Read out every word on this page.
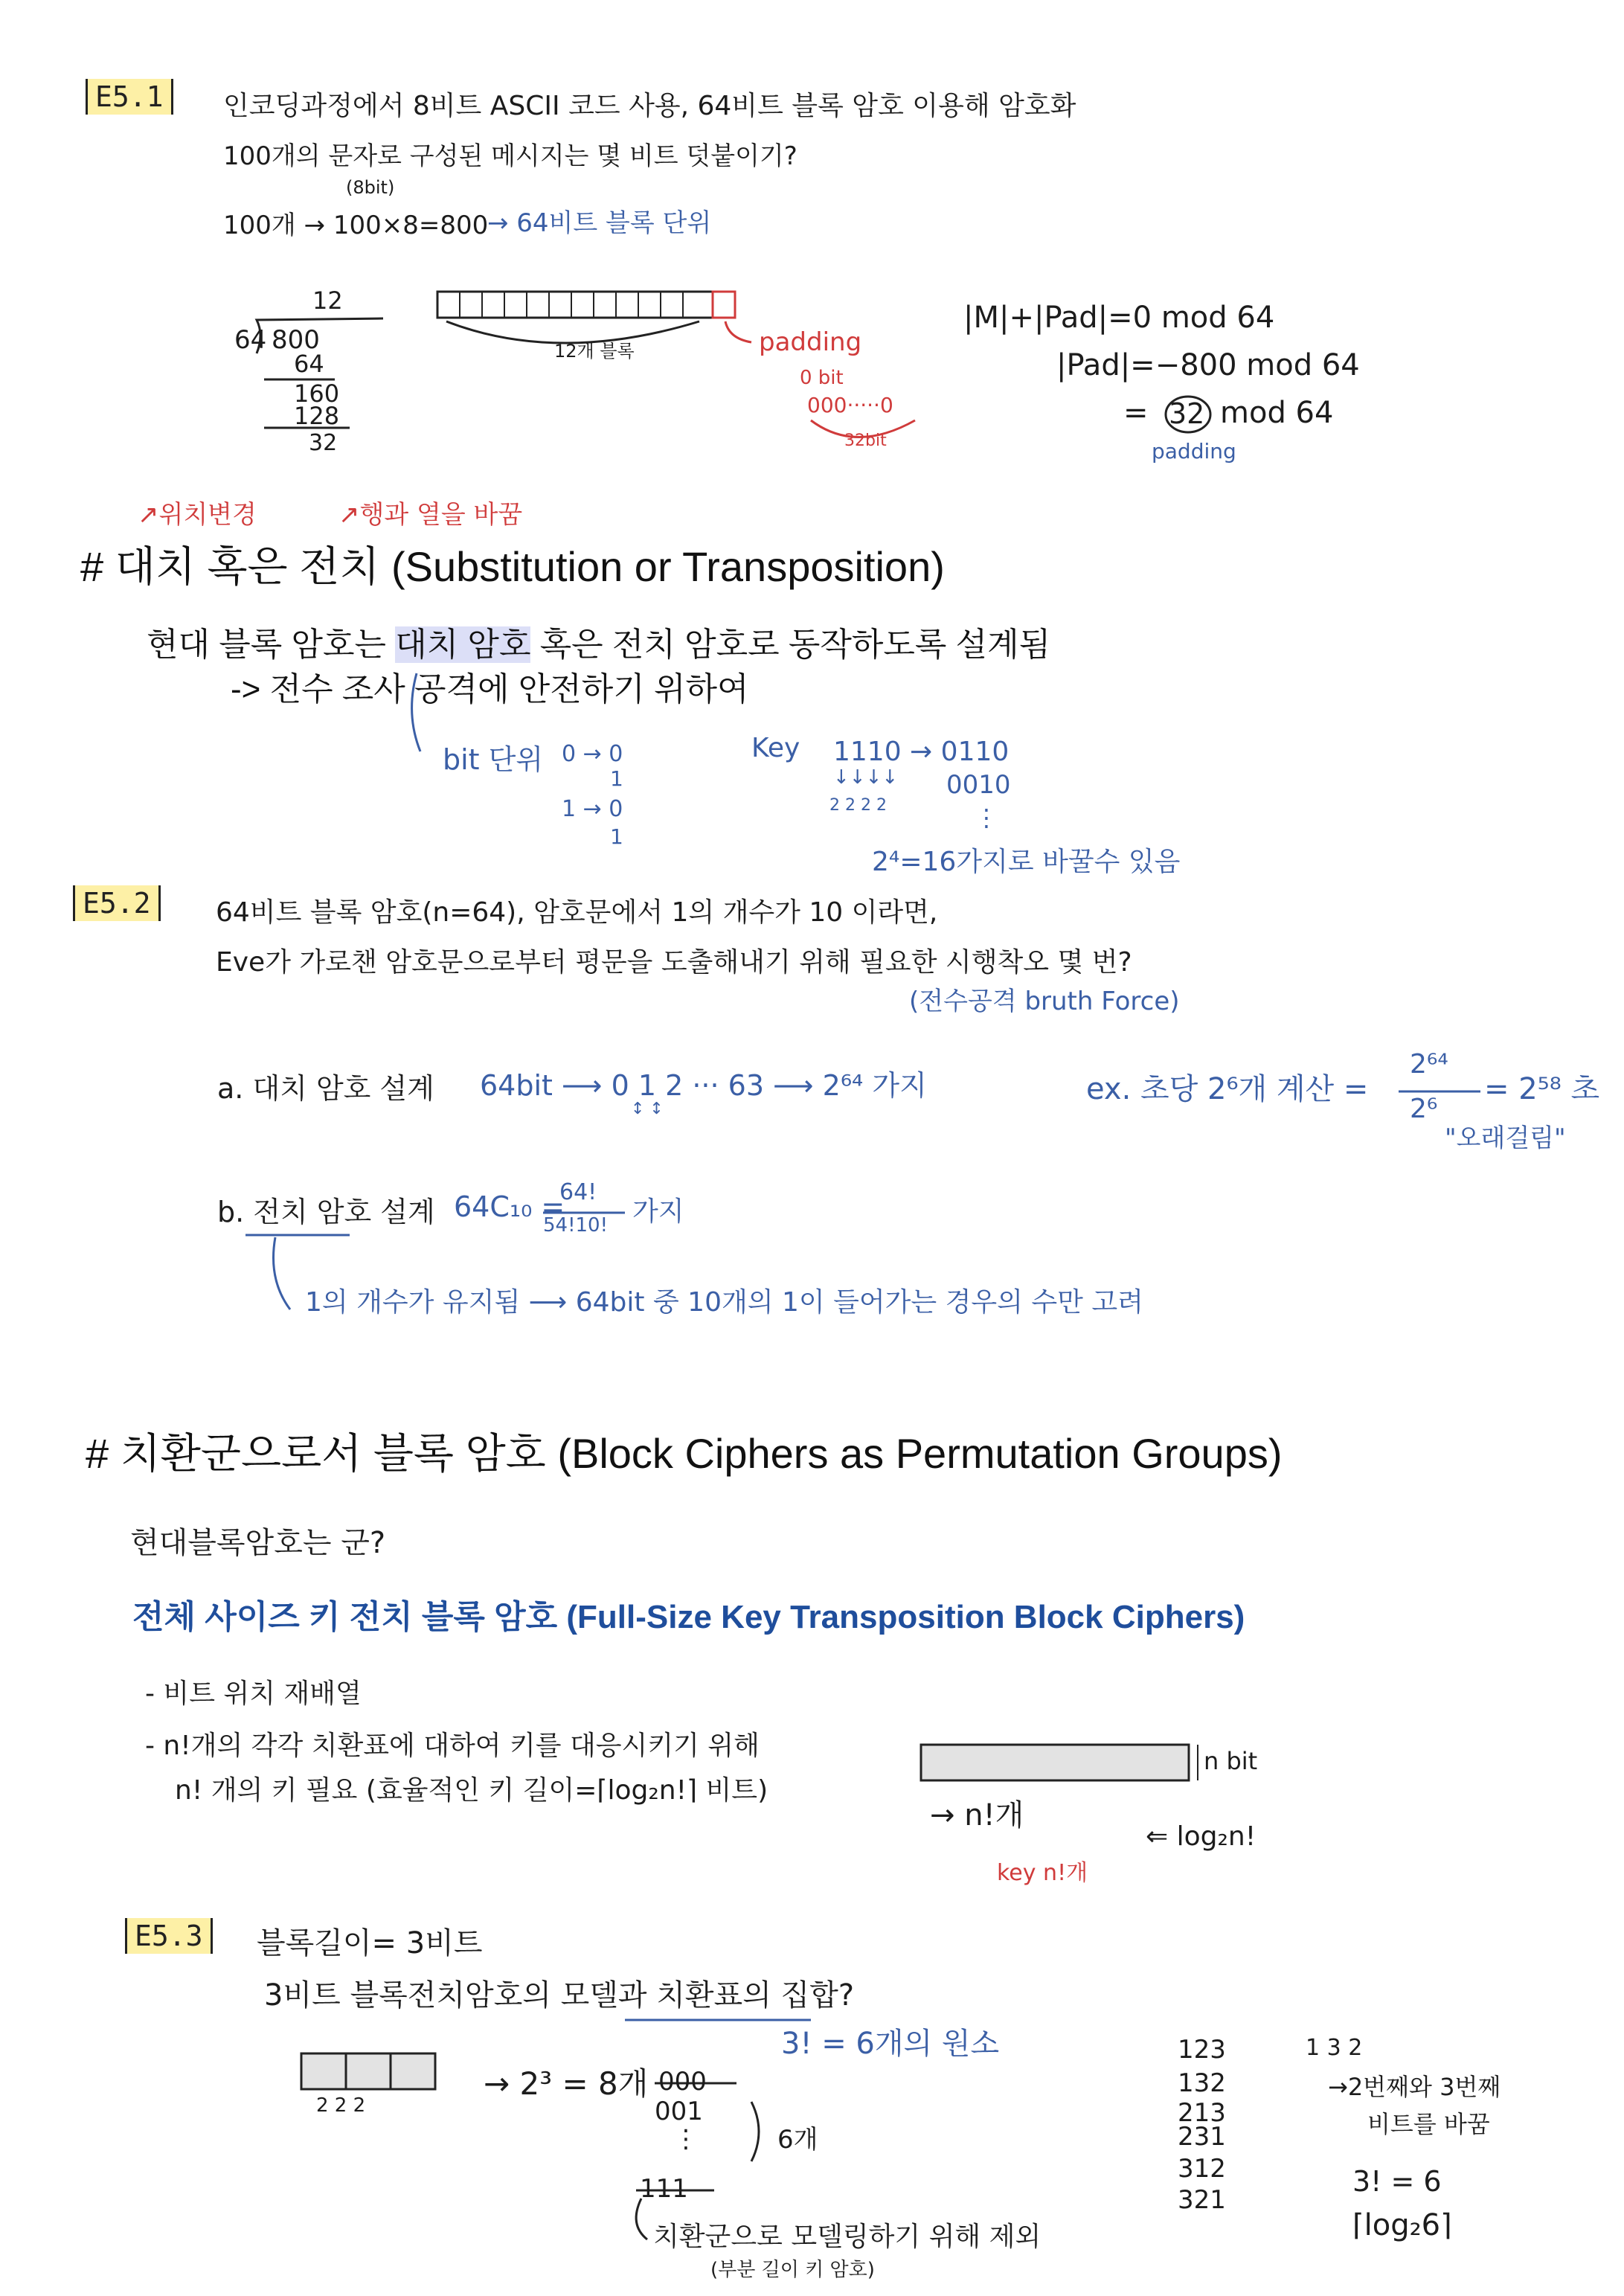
E5.1	인코딩과정에서 8비트 ASCII 코드 사용, 64비트 블록 암호 이용해 암호화
100개의 문자로 구성된 메시지는 몇 비트 덧붙이기?
(8bit)
100개 → 100×8=800
→ 64비트 블록 단위
12
64 800
64
160
128
32
12개 블록	padding
0 bit
000·····0
32bit
|M|+|Pad|=0 mod 64
|Pad|=−800 mod 64
= 32 mod 64
padding
↗위치변경	↗행과 열을 바꿈
# 대치 혹은 전치 (Substitution or Transposition)
현대 블록 암호는 대치 암호 혹은 전치 암호로 동작하도록 설계됨
-> 전수 조사 공격에 안전하기 위하여
bit 단위 0 → 0
1
1 → 0
1
Key 1110 → 0110
↓↓↓↓ 0010
2 2 2 2	⋮
2⁴=16가지로 바꿀수 있음
E5.2	64비트 블록 암호(n=64), 암호문에서 1의 개수가 10 이라면,
Eve가 가로챈 암호문으로부터 평문을 도출해내기 위해 필요한 시행착오 몇 번?
(전수공격 bruth Force)
a. 대치 암호 설계 64bit ⟶ 0 1 2 ··· 63 ⟶ 2⁶⁴ 가지
↕ ↕
ex. 초당 2⁶개 계산 =
2⁶⁴
2⁶
= 2⁵⁸ 초
"오래걸림"
b. 전치 암호 설계 64C₁₀ =
64!
54!10! 가지
1의 개수가 유지됨 ⟶ 64bit 중 10개의 1이 들어가는 경우의 수만 고려
# 치환군으로서 블록 암호 (Block Ciphers as Permutation Groups)
현대블록암호는 군?
전체 사이즈 키 전치 블록 암호 (Full-Size Key Transposition Block Ciphers)
- 비트 위치 재배열
- n!개의 각각 치환표에 대하여 키를 대응시키기 위해
n! 개의 키 필요 (효율적인 키 길이=⌈log₂n!⌉ 비트)
n bit
→ n!개
key n!개
⇐ log₂n!
E5.3	블록길이= 3비트
3비트 블록전치암호의 모델과 치환표의 집합?
3! = 6개의 원소
2 2 2
→ 2³ = 8개 000
001
⋮	6개
111
치환군으로 모델링하기 위해 제외
(부분 길이 키 암호)
123
132
213
231
312
321
1 3 2
→2번째와 3번째
비트를 바꿈
3! = 6
⌈log₂6⌉
